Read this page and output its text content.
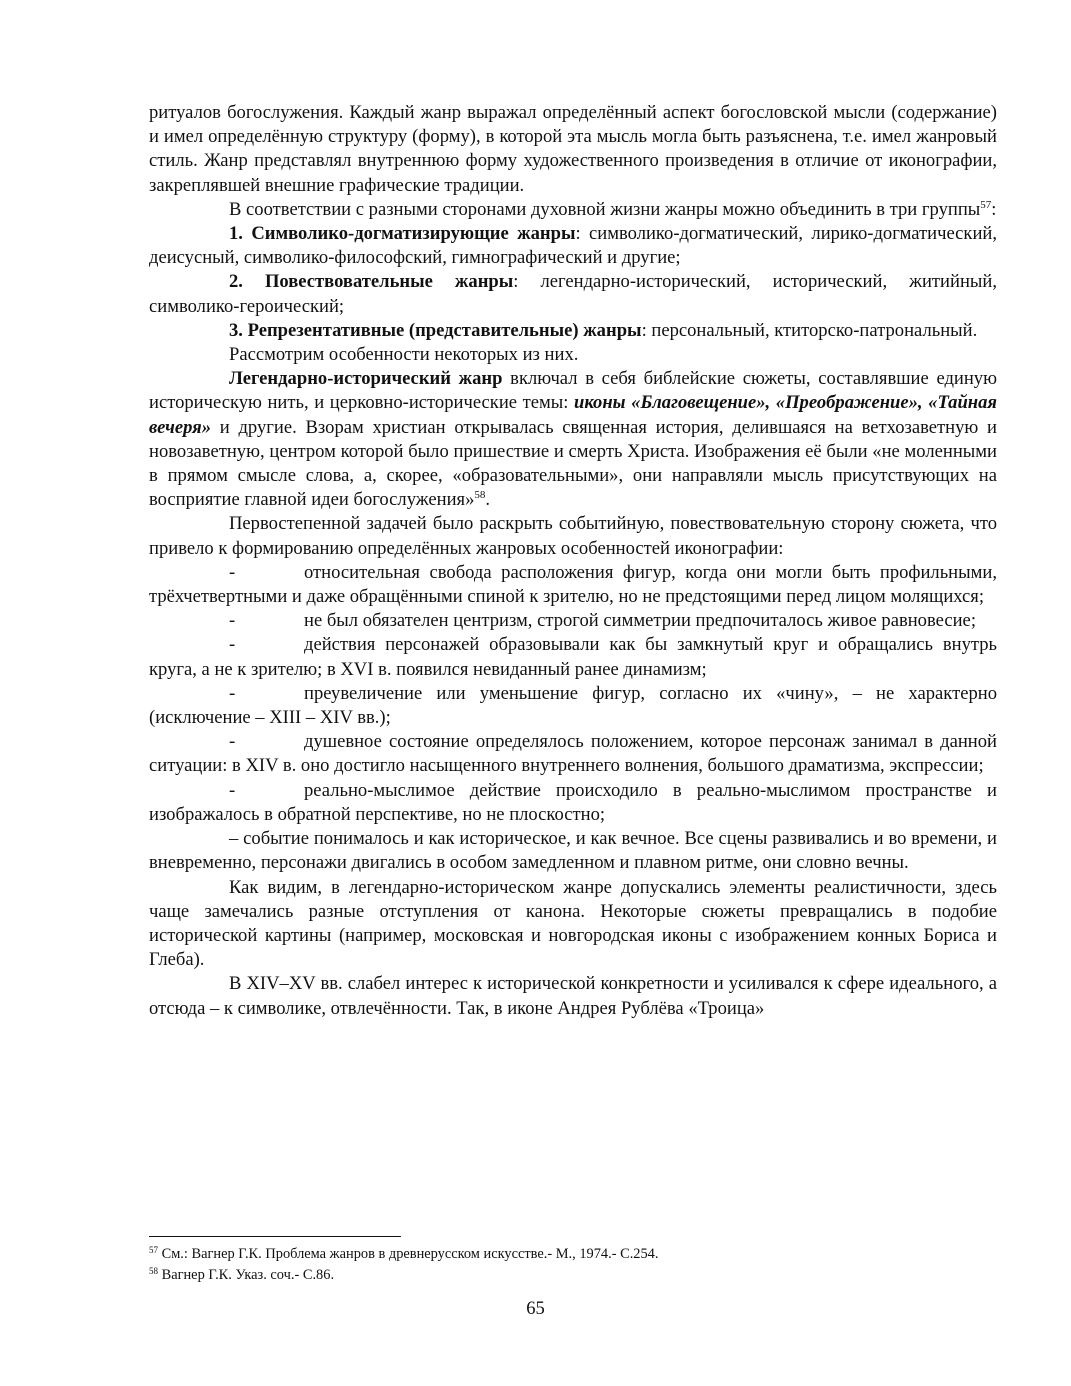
ритуалов богослужения. Каждый жанр выражал определённый аспект богословской мысли (содержание) и имел определённую структуру (форму), в которой эта мысль могла быть разъяснена, т.е. имел жанровый стиль. Жанр представлял внутреннюю форму художественного произведения в отличие от иконографии, закреплявшей внешние графические традиции.

В соответствии с разными сторонами духовной жизни жанры можно объединить в три группы$^{57}$:

1. Символико-догматизирующие жанры: символико-догматический, лирико-догматический, деисусный, символико-философский, гимнографический и другие;

2. Повествовательные жанры: легендарно-исторический, исторический, житийный, символико-героический;

3. Репрезентативные (представительные) жанры: персональный, ктиторско-патрональный.

Рассмотрим особенности некоторых из них.

Легендарно-исторический жанр включал в себя библейские сюжеты, составлявшие единую историческую нить, и церковно-исторические темы: иконы «Благовещение», «Преображение», «Тайная вечеря» и другие. Взорам христиан открывалась священная история, делившаяся на ветхозаветную и новозаветную, центром которой было пришествие и смерть Христа. Изображения её были «не моленными в прямом смысле слова, а, скорее, «образовательными», они направляли мысль присутствующих на восприятие главной идеи богослужения»$^{58}$.

Первостепенной задачей было раскрыть событийную, повествовательную сторону сюжета, что привело к формированию определённых жанровых особенностей иконографии:

-	относительная свобода расположения фигур, когда они могли быть профильными, трёхчетвертными и даже обращёнными спиной к зрителю, но не предстоящими перед лицом молящихся;

-	не был обязателен центризм, строгой симметрии предпочиталось живое равновесие;

-	действия персонажей образовывали как бы замкнутый круг и обращались внутрь круга, а не к зрителю; в XVI в. появился невиданный ранее динамизм;

-	преувеличение или уменьшение фигур, согласно их «чину», – не характерно (исключение – XIII – XIV вв.);

-	душевное состояние определялось положением, которое персонаж занимал в данной ситуации: в XIV в. оно достигло насыщенного внутреннего волнения, большого драматизма, экспрессии;

-	реально-мыслимое действие происходило в реально-мыслимом пространстве и изображалось в обратной перспективе, но не плоскостно;

– событие понималось и как историческое, и как вечное. Все сцены развивались и во времени, и вневременно, персонажи двигались в особом замедленном и плавном ритме, они словно вечны.

Как видим, в легендарно-историческом жанре допускались элементы реалистичности, здесь чаще замечались разные отступления от канона. Некоторые сюжеты превращались в подобие исторической картины (например, московская и новгородская иконы с изображением конных Бориса и Глеба).

В XIV–XV вв. слабел интерес к исторической конкретности и усиливался к сфере идеального, а отсюда – к символике, отвлечённости. Так, в иконе Андрея Рублёва «Троица»

$^{57}$ См.: Вагнер Г.К. Проблема жанров в древнерусском искусстве.- М., 1974.- С.254.

$^{58}$ Вагнер Г.К. Указ. соч.- С.86.

65
